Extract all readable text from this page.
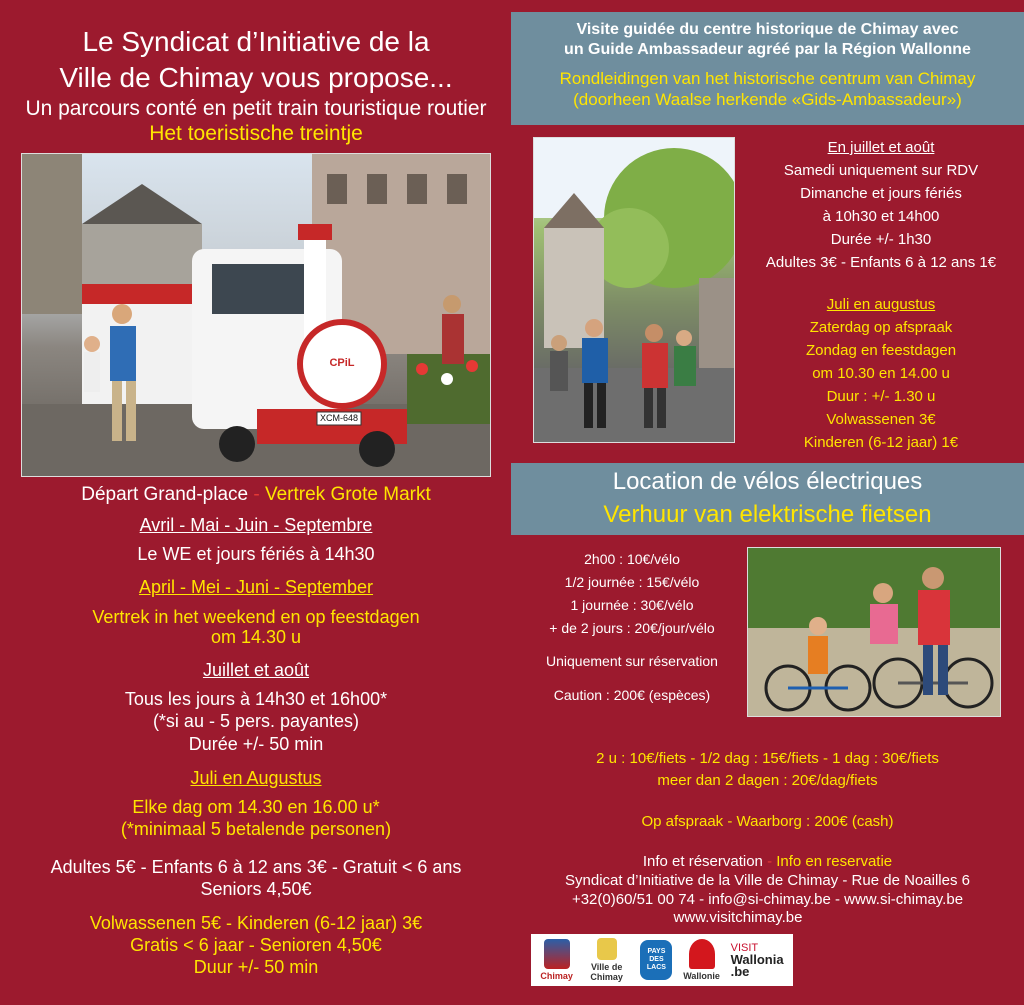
Le Syndicat d’Initiative de la
Ville de Chimay vous propose...
Un parcours conté en petit train touristique routier
Het toeristische treintje
XCM-648
CPiL
Départ Grand-place - Vertrek Grote Markt
Avril - Mai - Juin - Septembre
Le WE et jours fériés à 14h30
April - Mei - Juni - September
Vertrek in het weekend en op feestdagen
om 14.30 u
Juillet et août
Tous les jours à 14h30 et 16h00*
(*si au - 5 pers. payantes)
Durée +/- 50 min
Juli en Augustus
Elke dag om 14.30 en 16.00 u*
(*minimaal 5 betalende personen)
Adultes 5€ - Enfants 6 à 12 ans 3€ - Gratuit < 6 ans
Seniors 4,50€
Volwassenen 5€ - Kinderen (6-12 jaar) 3€
Gratis < 6 jaar - Senioren 4,50€
Duur +/- 50 min
Visite guidée du centre historique de Chimay avec
un Guide Ambassadeur agréé par la Région Wallonne
Rondleidingen van het historische centrum van Chimay
(doorheen Waalse herkende «Gids-Ambassadeur»)
En juillet et août
Samedi uniquement sur RDV
Dimanche et jours fériés
à 10h30 et 14h00
Durée +/- 1h30
Adultes 3€ - Enfants 6 à 12 ans 1€
Juli en augustus
Zaterdag op afspraak
Zondag en feestdagen
om 10.30 en 14.00 u
Duur : +/- 1.30 u
Volwassenen 3€
Kinderen (6-12 jaar) 1€
Location de vélos électriques
Verhuur van elektrische fietsen
2h00 : 10€/vélo
1/2 journée : 15€/vélo
1 journée : 30€/vélo
+ de 2 jours : 20€/jour/vélo
Uniquement sur réservation
Caution : 200€ (espèces)
2 u : 10€/fiets - 1/2 dag : 15€/fiets - 1 dag : 30€/fiets
meer dan 2 dagen : 20€/dag/fiets
Op afspraak - Waarborg : 200€ (cash)
Info et réservation - Info en reservatie
Syndicat d’Initiative de la Ville de Chimay - Rue de Noailles 6
+32(0)60/51 00 74 - info@si-chimay.be - www.si-chimay.be
www.visitchimay.be
Chimay
Ville de Chimay
PAYS DES LACS
Wallonie
VISIT
Wallonia
.be
